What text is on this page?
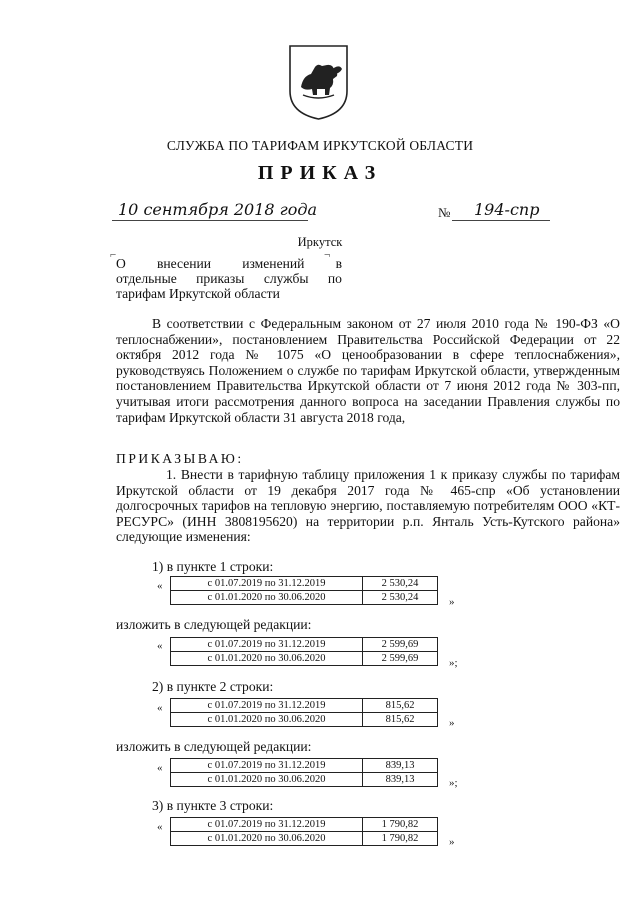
СЛУЖБА ПО ТАРИФАМ ИРКУТСКОЙ ОБЛАСТИ
ПРИКАЗ
10 сентября 2018 года	№ 194-спр
Иркутск
⌐	¬
О внесении изменений в
отдельные приказы службы по
тарифам Иркутской области
В соответствии с Федеральным законом от 27 июля 2010 года № 190-ФЗ «О теплоснабжении», постановлением Правительства Российской Федерации от 22 октября 2012 года № 1075 «О ценообразовании в сфере теплоснабжения», руководствуясь Положением о службе по тарифам Иркутской области, утвержденным постановлением Правительства Иркутской области от 7 июня 2012 года № 303-пп, учитывая итоги рассмотрения данного вопроса на заседании Правления службы по тарифам Иркутской области 31 августа 2018 года,
ПРИКАЗЫВАЮ:
1. Внести в тарифную таблицу приложения 1 к приказу службы по тарифам Иркутской области от 19 декабря 2017 года № 465-спр «Об установлении долгосрочных тарифов на тепловую энергию, поставляемую потребителям ООО «КТ-РЕСУРС» (ИНН 3808195620) на территории р.п. Янталь Усть-Кутского района» следующие изменения:
1) в пункте 1 строки:
«	с 01.07.2019 по 31.12.2019	2 530,24
с 01.01.2020 по 30.06.2020	2 530,24	»
изложить в следующей редакции:
«	с 01.07.2019 по 31.12.2019	2 599,69
с 01.01.2020 по 30.06.2020	2 599,69	»;
2) в пункте 2 строки:
«	с 01.07.2019 по 31.12.2019	815,62
с 01.01.2020 по 30.06.2020	815,62	»
изложить в следующей редакции:
«	с 01.07.2019 по 31.12.2019	839,13
с 01.01.2020 по 30.06.2020	839,13	»;
3) в пункте 3 строки:
«	с 01.07.2019 по 31.12.2019	1 790,82
с 01.01.2020 по 30.06.2020	1 790,82	»
